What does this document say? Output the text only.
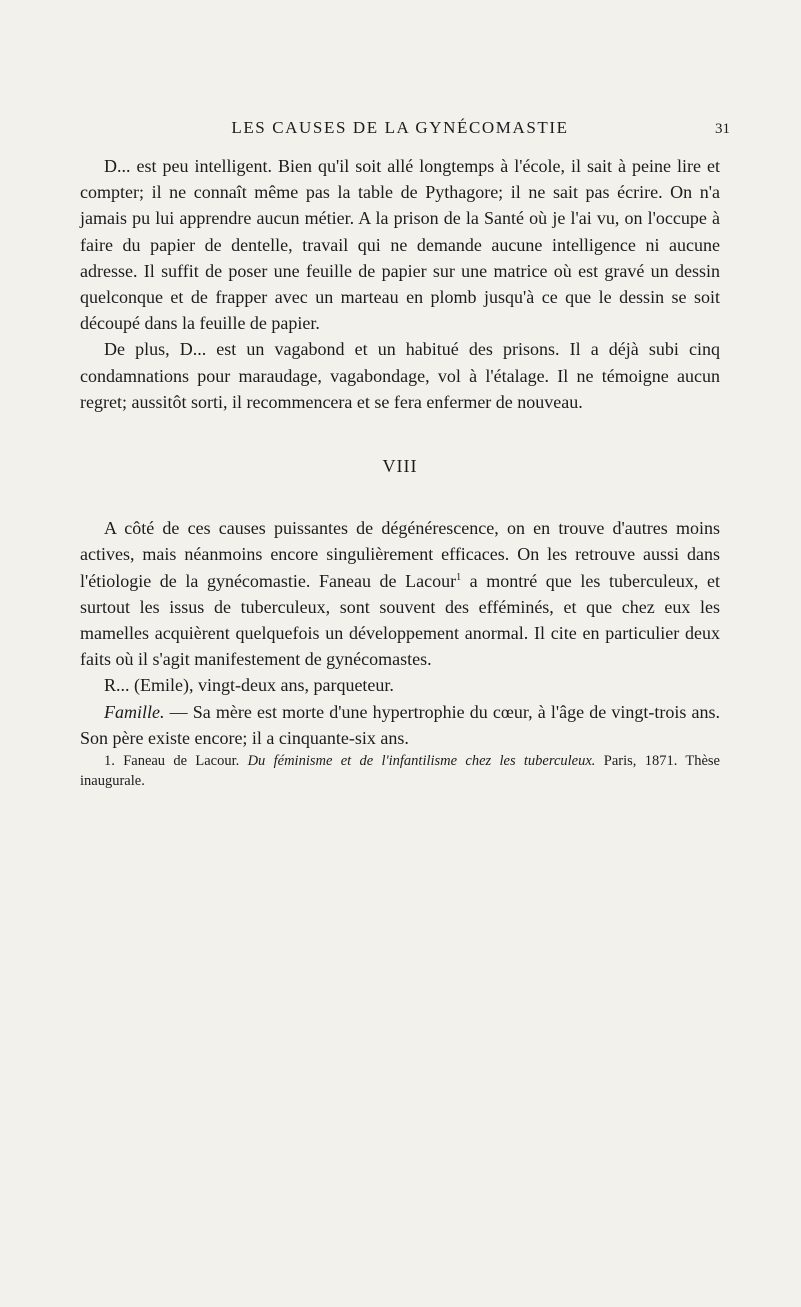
LES CAUSES DE LA GYNÉCOMASTIE	31

D... est peu intelligent. Bien qu'il soit allé longtemps à l'école, il sait à peine lire et compter; il ne connaît même pas la table de Pythagore; il ne sait pas écrire. On n'a jamais pu lui apprendre aucun métier. A la prison de la Santé où je l'ai vu, on l'occupe à faire du papier de dentelle, travail qui ne demande aucune intelligence ni aucune adresse. Il suffit de poser une feuille de papier sur une matrice où est gravé un dessin quelconque et de frapper avec un marteau en plomb jusqu'à ce que le dessin se soit découpé dans la feuille de papier.

De plus, D... est un vagabond et un habitué des prisons. Il a déjà subi cinq condamnations pour maraudage, vagabondage, vol à l'étalage. Il ne témoigne aucun regret; aussitôt sorti, il recommencera et se fera enfermer de nouveau.

VIII

A côté de ces causes puissantes de dégénérescence, on en trouve d'autres moins actives, mais néanmoins encore singulièrement efficaces. On les retrouve aussi dans l'étiologie de la gynécomastie. Faneau de Lacour$^1$ a montré que les tuberculeux, et surtout les issus de tuberculeux, sont souvent des efféminés, et que chez eux les mamelles acquièrent quelquefois un développement anormal. Il cite en particulier deux faits où il s'agit manifestement de gynécomastes.

R... (Emile), vingt-deux ans, parqueteur.

Famille. — Sa mère est morte d'une hypertrophie du cœur, à l'âge de vingt-trois ans. Son père existe encore; il a cinquante-six ans.

1. Faneau de Lacour. Du féminisme et de l'infantilisme chez les tuberculeux. Paris, 1871. Thèse inaugurale.
